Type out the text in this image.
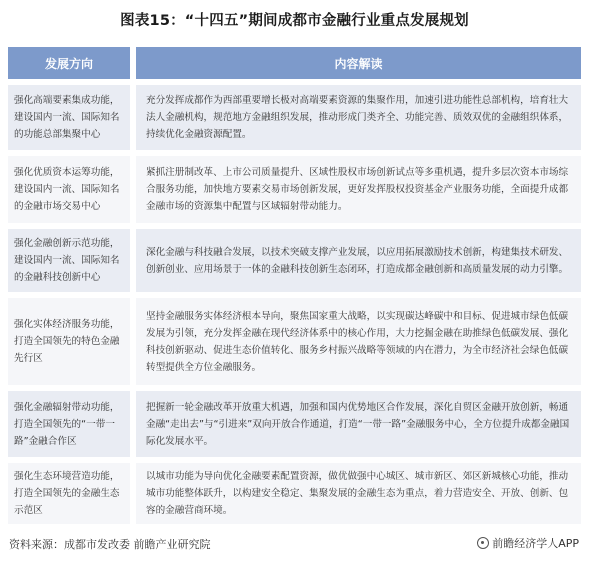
图表15：“十四五”期间成都市金融行业重点发展规划
发展方向	内容解读
强化高端要素集成功能，建设国内一流、国际知名的功能总部集聚中心
充分发挥成都作为西部重要增长极对高端要素资源的集聚作用，加速引进功能性总部机构，培育壮大法人金融机构，规范地方金融组织发展，推动形成门类齐全、功能完善、质效双优的金融组织体系，持续优化金融资源配置。
强化优质资本运筹功能，建设国内一流、国际知名的金融市场交易中心
紧抓注册制改革、上市公司质量提升、区域性股权市场创新试点等多重机遇，提升多层次资本市场综合服务功能，加快地方要素交易市场创新发展，更好发挥股权投资基金产业服务功能，全面提升成都金融市场的资源集中配置与区域辐射带动能力。
强化金融创新示范功能，建设国内一流、国际知名的金融科技创新中心
深化金融与科技融合发展，以技术突破支撑产业发展，以应用拓展激励技术创新，构建集技术研发、创新创业、应用场景于一体的金融科技创新生态闭环，打造成都金融创新和高质量发展的动力引擎。
强化实体经济服务功能，打造全国领先的特色金融先行区
坚持金融服务实体经济根本导向，聚焦国家重大战略，以实现碳达峰碳中和目标、促进城市绿色低碳发展为引领，充分发挥金融在现代经济体系中的核心作用，大力挖掘金融在助推绿色低碳发展、强化科技创新驱动、促进生态价值转化、服务乡村振兴战略等领域的内在潜力，为全市经济社会绿色低碳转型提供全方位金融服务。
强化金融辐射带动功能，打造全国领先的“一带一路”金融合作区
把握新一轮金融改革开放重大机遇，加强和国内优势地区合作发展，深化自贸区金融开放创新，畅通金融“走出去”与“引进来”双向开放合作通道，打造“一带一路”金融服务中心，全方位提升成都金融国际化发展水平。
强化生态环境营造功能，打造全国领先的金融生态示范区
以城市功能为导向优化金融要素配置资源，做优做强中心城区、城市新区、郊区新城核心功能，推动城市功能整体跃升，以构建安全稳定、集聚发展的金融生态为重点，着力营造安全、开放、创新、包容的金融营商环境。
资料来源：成都市发改委 前瞻产业研究院	前瞻经济学人APP
